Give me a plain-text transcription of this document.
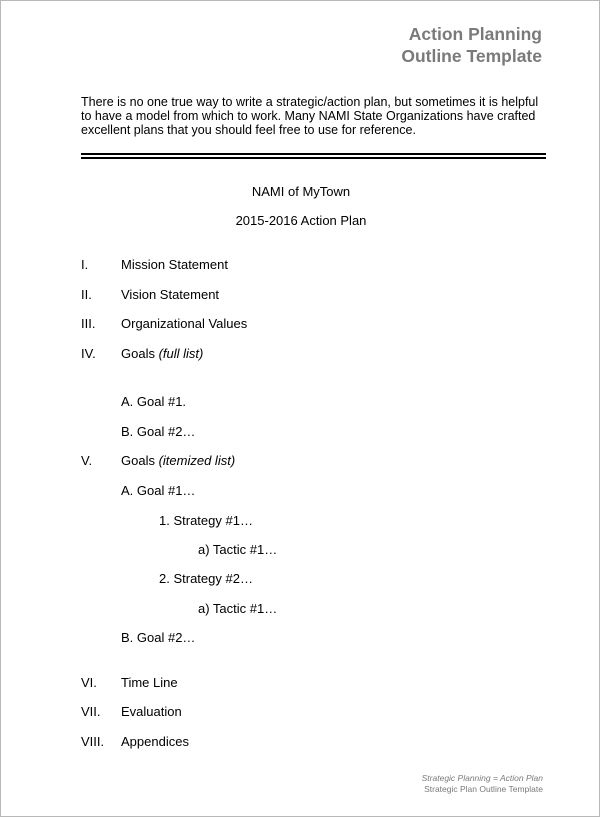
Action Planning
Outline Template
There is no one true way to write a strategic/action plan, but sometimes it is helpful to have a model from which to work. Many NAMI State Organizations have crafted excellent plans that you should feel free to use for reference.
NAMI of MyTown
2015-2016 Action Plan
I.	Mission Statement
II. Vision Statement
III. Organizational Values
IV. Goals (full list)
A. Goal #1.
B. Goal #2…
V. Goals (itemized list)
A. Goal #1…
1. Strategy #1…
a) Tactic #1…
2. Strategy #2…
a) Tactic #1…
B. Goal #2…
VI. Time Line
VII. Evaluation
VIII. Appendices
Strategic Planning = Action Plan
Strategic Plan Outline Template
